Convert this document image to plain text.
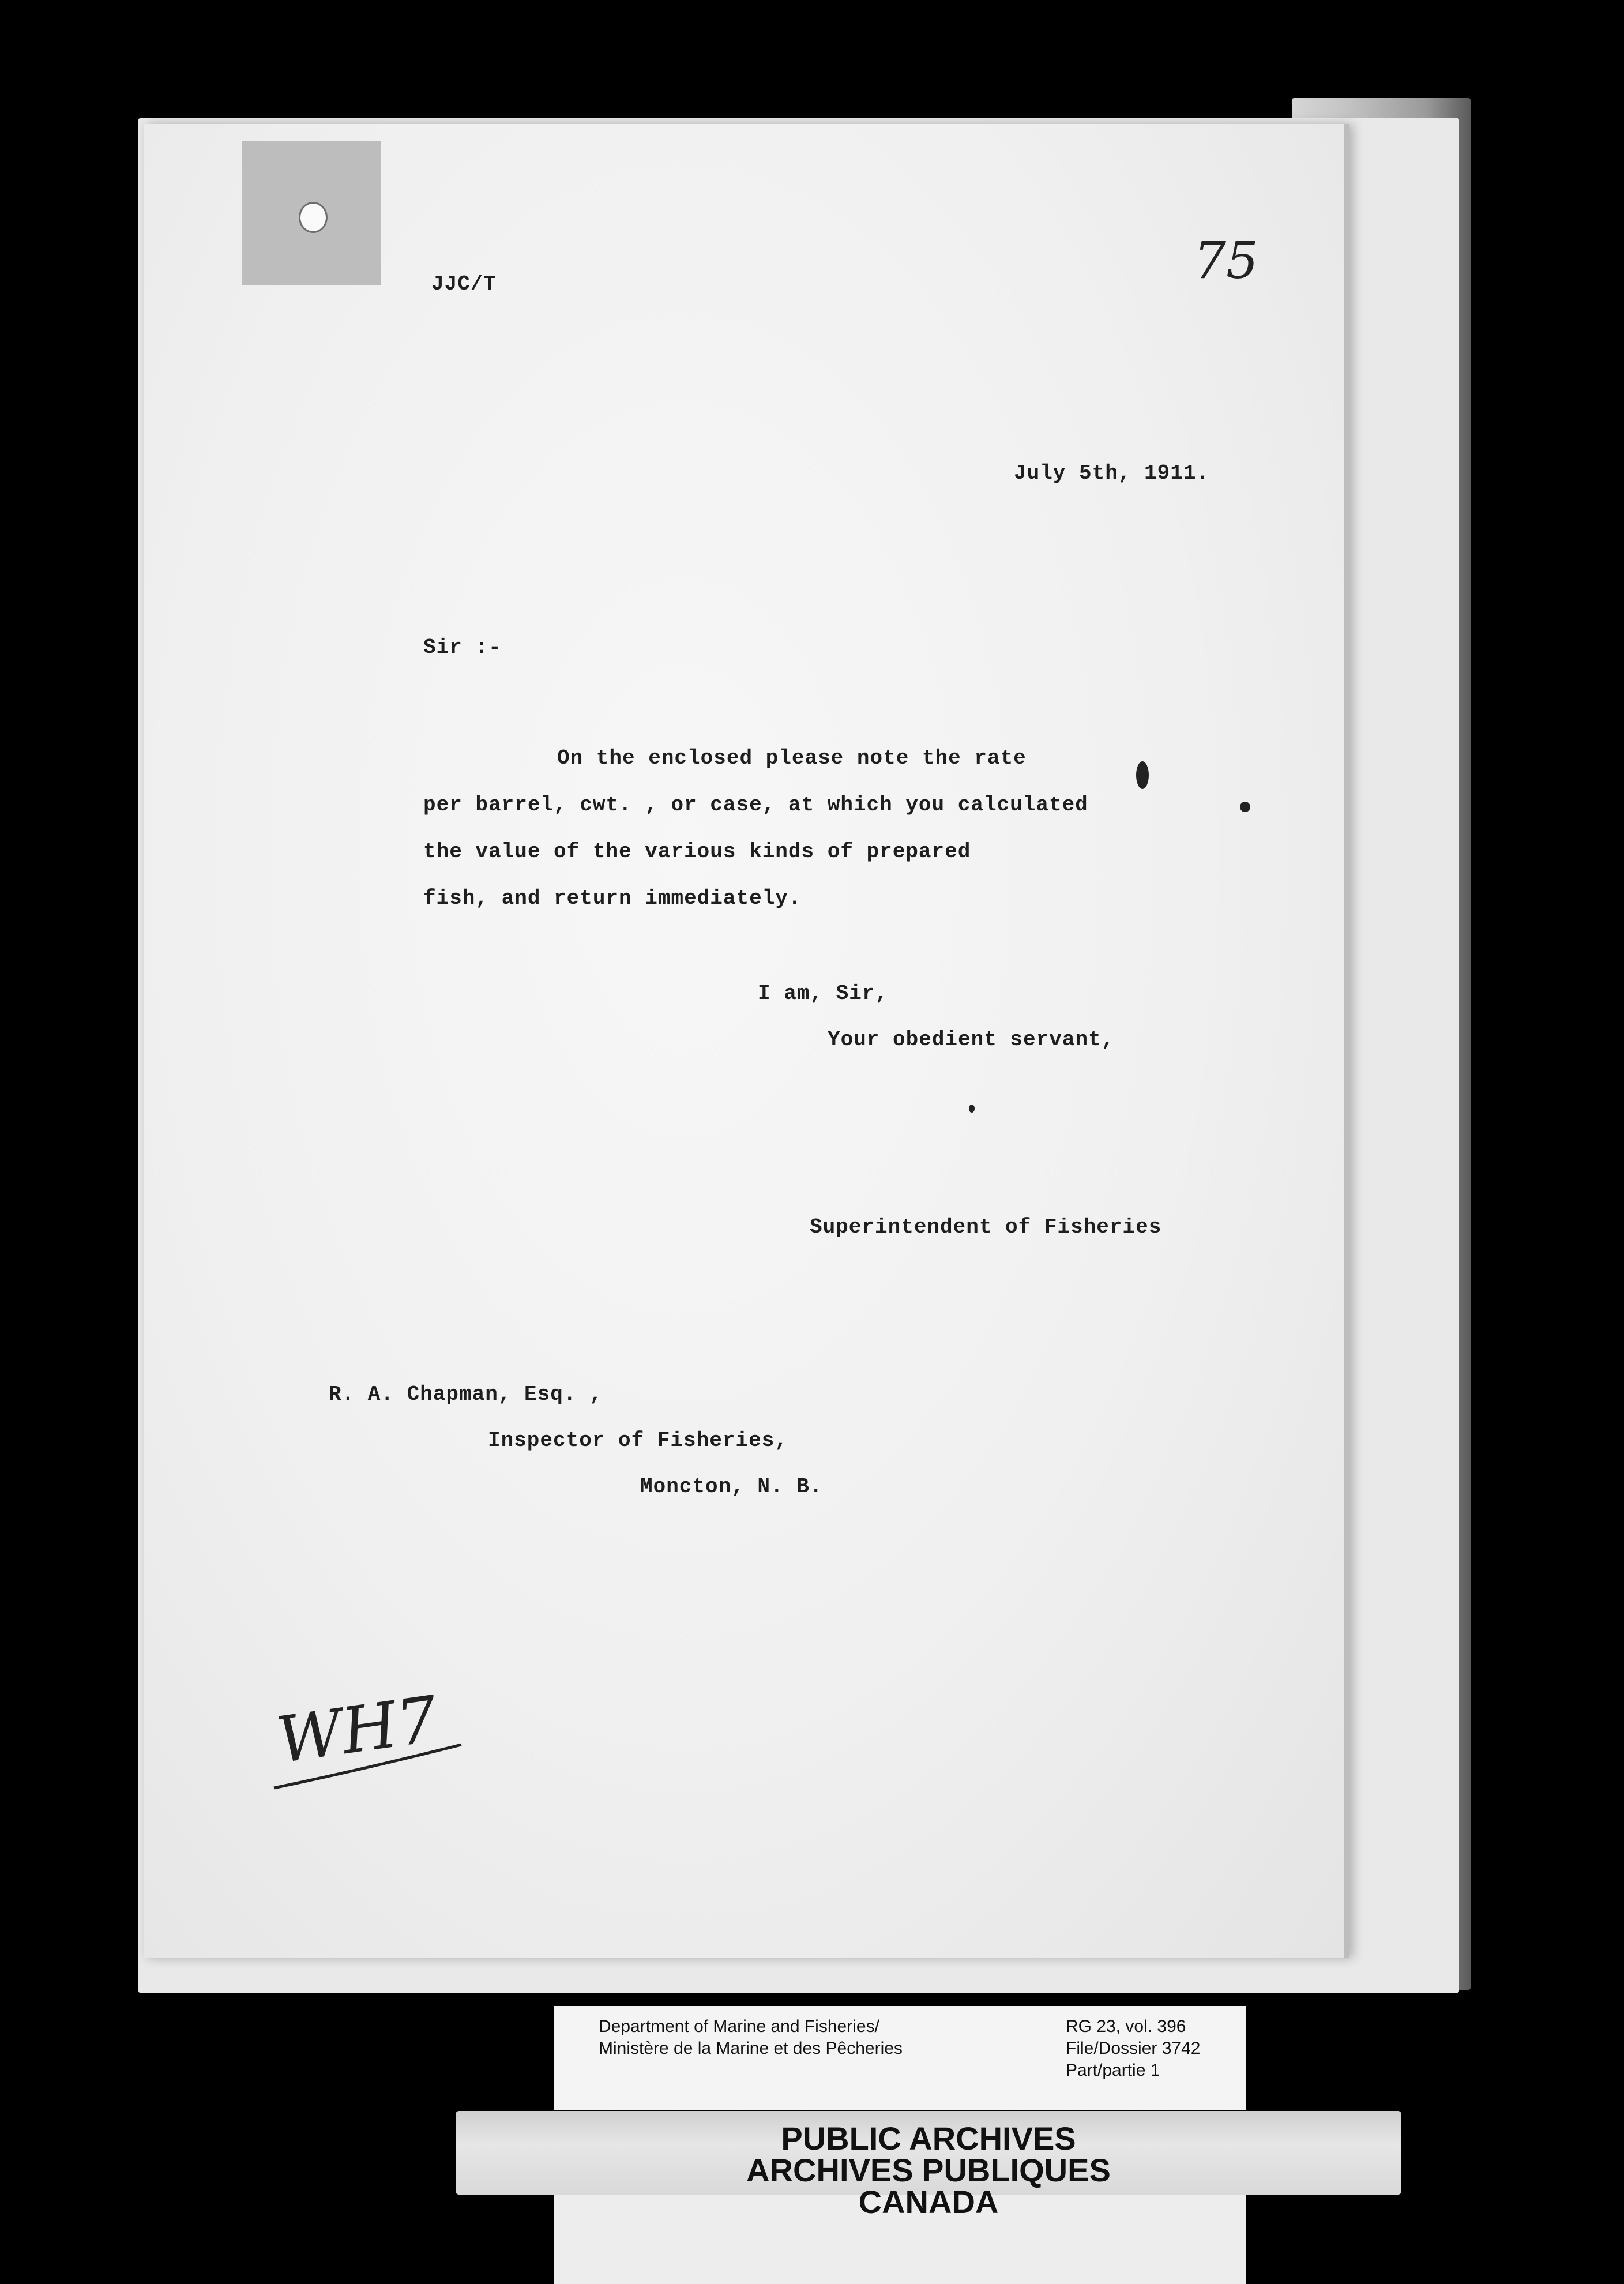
JJC/T	75
July 5th, 1911.
Sir :-
On the enclosed please note the rate
per barrel, cwt. , or case, at which you calculated
the value of the various kinds of prepared
fish, and return immediately.
I am, Sir,
Your obedient servant,
Superintendent of Fisheries
R. A. Chapman, Esq. ,
Inspector of Fisheries,
Moncton, N. B.
WH7
Department of Marine and Fisheries/
Ministère de la Marine et des Pêcheries
RG 23, vol. 396
File/Dossier 3742
Part/partie 1
PUBLIC ARCHIVES
ARCHIVES PUBLIQUES
CANADA
